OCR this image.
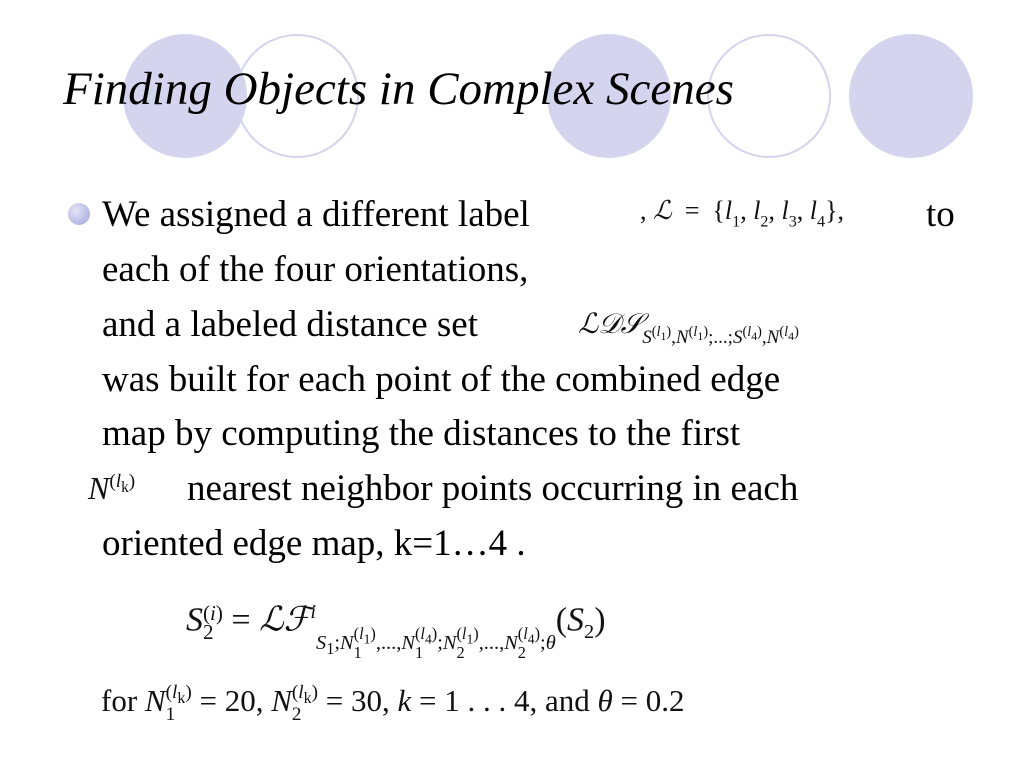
Finding Objects in Complex Scenes
We assigned a different label	, ℒ  =  {$l_1$, $l_2$, $l_3$, $l_4$}, to
each of the four orientations,
and a labeled distance set	ℒ𝒟𝒮$_{S^{(l_1)},N^{(l_1)};...;S^{(l_4)},N^{(l_4)}}$
was built for each point of the combined edge
map by computing the distances to the first
$N^{(l_k)}$ nearest neighbor points occurring in each
oriented edge map, k=1…4 .
S (i)
$2 = ℒℱ^i_{S_1;N (l_1) 1 ,...,N (l_4) 1 ;N (l_1) 2 ,...,N (l_4) 2 ;\theta}(S_2)$
for N $(l_k)$
1 = 20, N $(l_k)$
2 = 30, k = 1 . . . 4, and θ = 0.2
